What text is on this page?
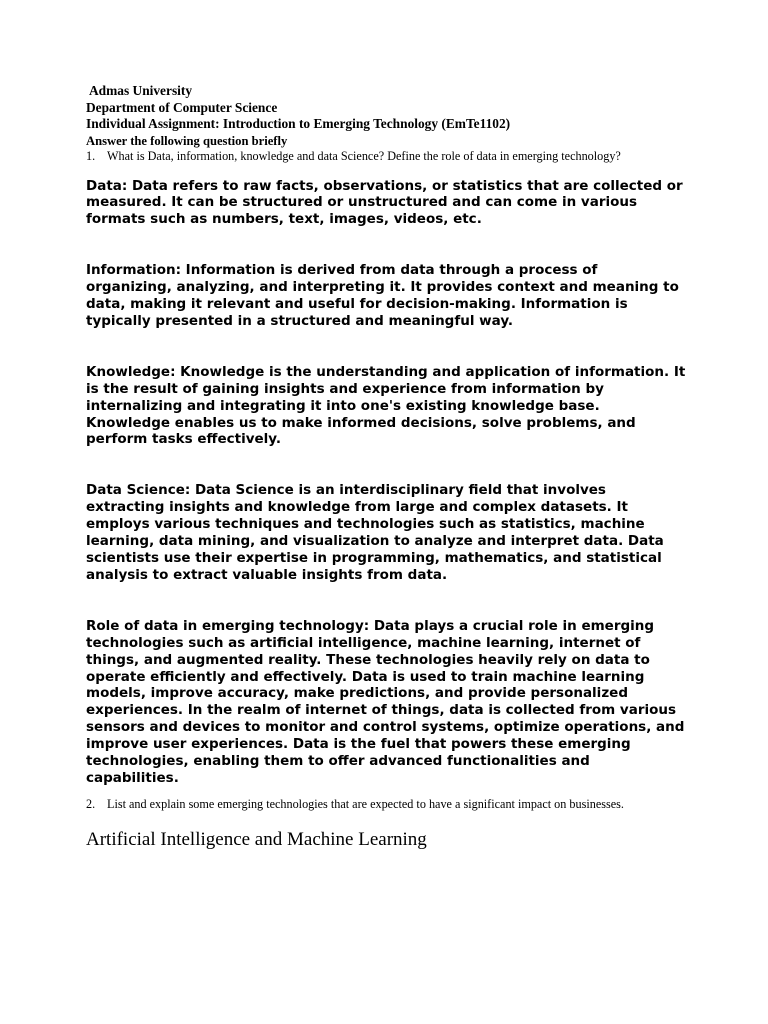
Admas University
Department of Computer Science
Individual Assignment: Introduction to Emerging Technology (EmTe1102)
Answer the following question briefly
1. What is Data, information, knowledge and data Science? Define the role of data in emerging technology?

Data: Data refers to raw facts, observations, or statistics that are collected or measured. It can be structured or unstructured and can come in various formats such as numbers, text, images, videos, etc.

Information: Information is derived from data through a process of organizing, analyzing, and interpreting it. It provides context and meaning to data, making it relevant and useful for decision-making. Information is typically presented in a structured and meaningful way.

Knowledge: Knowledge is the understanding and application of information. It is the result of gaining insights and experience from information by internalizing and integrating it into one's existing knowledge base. Knowledge enables us to make informed decisions, solve problems, and perform tasks effectively.

Data Science: Data Science is an interdisciplinary field that involves extracting insights and knowledge from large and complex datasets. It employs various techniques and technologies such as statistics, machine learning, data mining, and visualization to analyze and interpret data. Data scientists use their expertise in programming, mathematics, and statistical analysis to extract valuable insights from data.

Role of data in emerging technology: Data plays a crucial role in emerging technologies such as artificial intelligence, machine learning, internet of things, and augmented reality. These technologies heavily rely on data to operate efficiently and effectively. Data is used to train machine learning models, improve accuracy, make predictions, and provide personalized experiences. In the realm of internet of things, data is collected from various sensors and devices to monitor and control systems, optimize operations, and improve user experiences. Data is the fuel that powers these emerging technologies, enabling them to offer advanced functionalities and capabilities.

2. List and explain some emerging technologies that are expected to have a significant impact on businesses.
Artificial Intelligence and Machine Learning
